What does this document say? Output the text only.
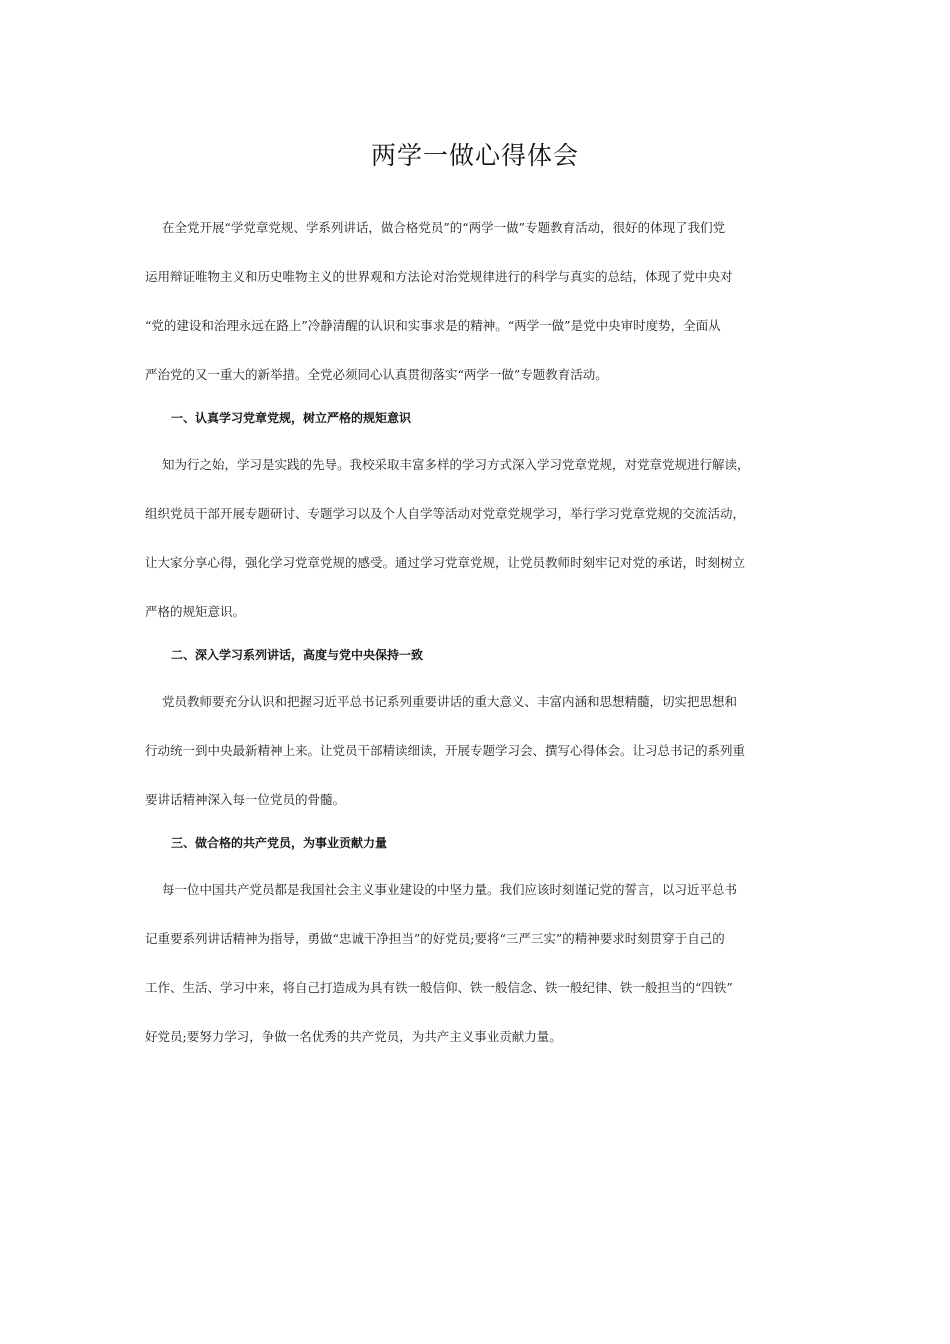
两学一做心得体会
在全党开展“学党章党规、学系列讲话，做合格党员”的“两学一做”专题教育活动，很好的体现了我们党
运用辩证唯物主义和历史唯物主义的世界观和方法论对治党规律进行的科学与真实的总结，体现了党中央对
“党的建设和治理永远在路上”冷静清醒的认识和实事求是的精神。“两学一做”是党中央审时度势，全面从
严治党的又一重大的新举措。全党必须同心认真贯彻落实“两学一做”专题教育活动。
一、认真学习党章党规，树立严格的规矩意识
知为行之始，学习是实践的先导。我校采取丰富多样的学习方式深入学习党章党规，对党章党规进行解读，
组织党员干部开展专题研讨、专题学习以及个人自学等活动对党章党规学习，举行学习党章党规的交流活动，
让大家分享心得，强化学习党章党规的感受。通过学习党章党规，让党员教师时刻牢记对党的承诺，时刻树立
严格的规矩意识。
二、深入学习系列讲话，高度与党中央保持一致
党员教师要充分认识和把握习近平总书记系列重要讲话的重大意义、丰富内涵和思想精髓，切实把思想和
行动统一到中央最新精神上来。让党员干部精读细读，开展专题学习会、撰写心得体会。让习总书记的系列重
要讲话精神深入每一位党员的骨髓。
三、做合格的共产党员，为事业贡献力量
每一位中国共产党员都是我国社会主义事业建设的中坚力量。我们应该时刻谨记党的誓言，以习近平总书
记重要系列讲话精神为指导，勇做“忠诚干净担当”的好党员;要将“三严三实”的精神要求时刻贯穿于自己的
工作、生活、学习中来，将自己打造成为具有铁一般信仰、铁一般信念、铁一般纪律、铁一般担当的“四铁”
好党员;要努力学习，争做一名优秀的共产党员，为共产主义事业贡献力量。
